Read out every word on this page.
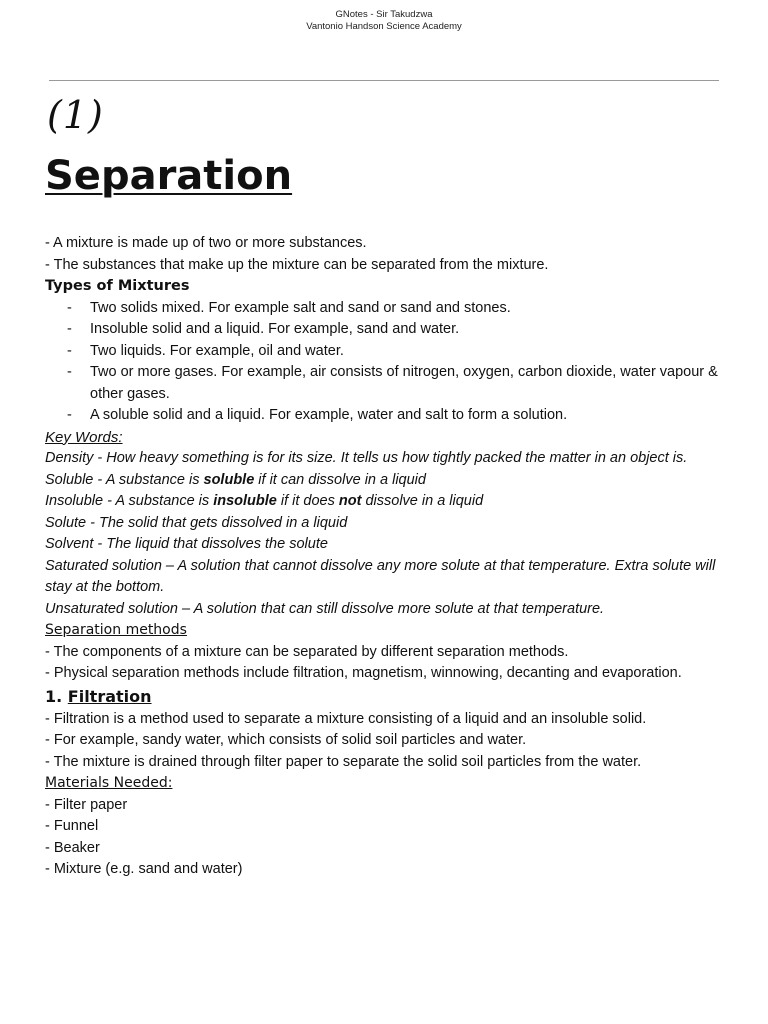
GNotes - Sir Takudzwa
Vantonio Handson Science Academy
(1)
Separation

- A mixture is made up of two or more substances.

- The substances that make up the mixture can be separated from the mixture.

Types of Mixtures

- Two solids mixed. For example salt and sand or sand and stones.
- Insoluble solid and a liquid. For example, sand and water.
- Two liquids. For example, oil and water.
- Two or more gases. For example, air consists of nitrogen, oxygen, carbon dioxide, water vapour & other gases.
- A soluble solid and a liquid. For example, water and salt to form a solution.

Key Words:

Density - How heavy something is for its size. It tells us how tightly packed the matter in an object is.

Soluble - A substance is soluble if it can dissolve in a liquid

Insoluble - A substance is insoluble if it does not dissolve in a liquid

Solute - The solid that gets dissolved in a liquid

Solvent - The liquid that dissolves the solute

Saturated solution – A solution that cannot dissolve any more solute at that temperature. Extra solute will stay at the bottom.

Unsaturated solution – A solution that can still dissolve more solute at that temperature.

Separation methods

- The components of a mixture can be separated by different separation methods.

- Physical separation methods include filtration, magnetism, winnowing, decanting and evaporation.

1. Filtration

- Filtration is a method used to separate a mixture consisting of a liquid and an insoluble solid.

- For example, sandy water, which consists of solid soil particles and water.

- The mixture is drained through filter paper to separate the solid soil particles from the water.

Materials Needed:

- Filter paper

- Funnel

- Beaker

- Mixture (e.g. sand and water)
